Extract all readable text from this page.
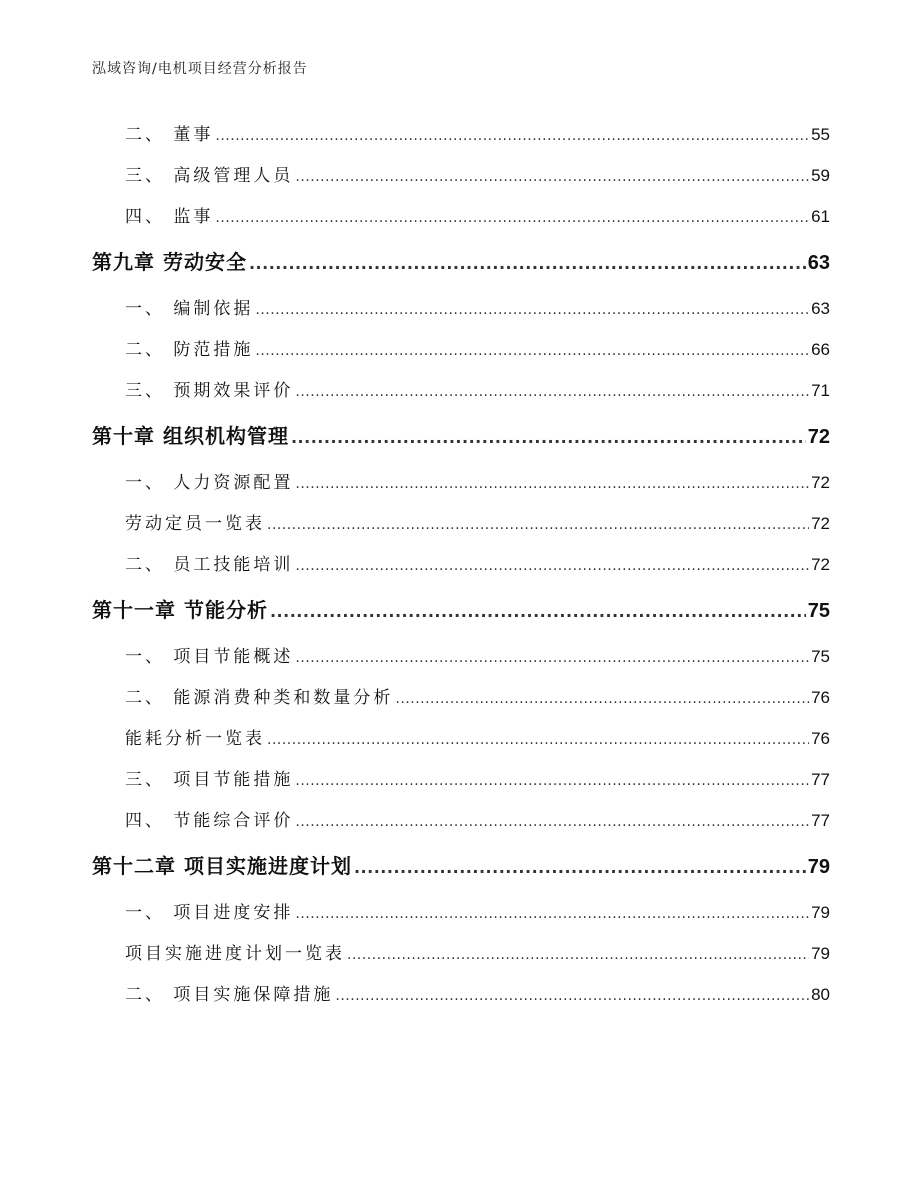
泓域咨询/电机项目经营分析报告
二、 董事 .....	55
三、 高级管理人员 .....	59
四、 监事 .....	61
第九章 劳动安全 .....	63
一、 编制依据 .....	63
二、 防范措施 .....	66
三、 预期效果评价 .....	71
第十章 组织机构管理 .....	72
一、 人力资源配置 .....	72
劳动定员一览表 .....	72
二、 员工技能培训 .....	72
第十一章 节能分析 .....	75
一、 项目节能概述 .....	75
二、 能源消费种类和数量分析 .....	76
能耗分析一览表 .....	76
三、 项目节能措施 .....	77
四、 节能综合评价 .....	77
第十二章 项目实施进度计划 .....	79
一、 项目进度安排 .....	79
项目实施进度计划一览表 .....	79
二、 项目实施保障措施 .....	80
